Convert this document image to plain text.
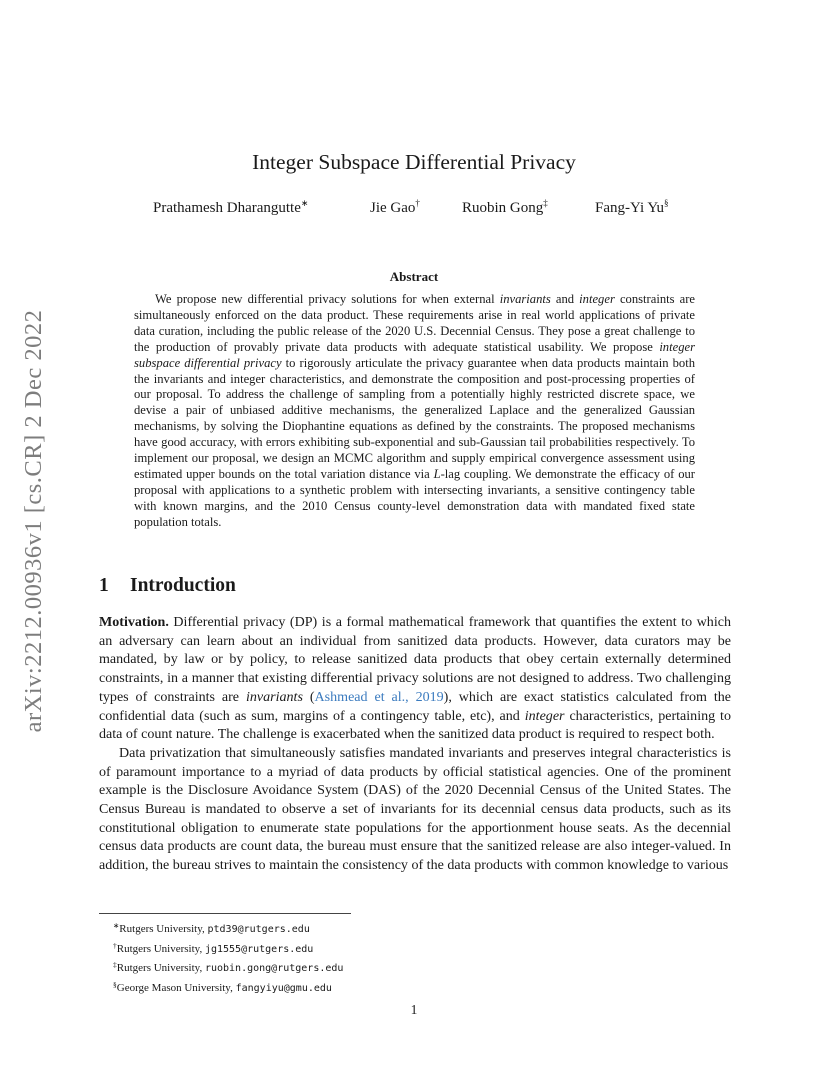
arXiv:2212.00936v1 [cs.CR] 2 Dec 2022
Integer Subspace Differential Privacy
Prathamesh Dharangutte∗	Jie Gao†	Ruobin Gong‡	Fang-Yi Yu§
Abstract

We propose new differential privacy solutions for when external invariants and integer constraints are simultaneously enforced on the data product. These requirements arise in real world applications of private data curation, including the public release of the 2020 U.S. Decennial Census. They pose a great challenge to the production of provably private data products with adequate statistical usability. We propose integer subspace differential privacy to rigorously articulate the privacy guarantee when data products maintain both the invariants and integer characteristics, and demonstrate the composition and post-processing properties of our proposal. To address the challenge of sampling from a potentially highly restricted discrete space, we devise a pair of unbiased additive mechanisms, the generalized Laplace and the generalized Gaussian mechanisms, by solving the Diophantine equations as defined by the constraints. The proposed mechanisms have good accuracy, with errors exhibiting sub-exponential and sub-Gaussian tail probabilities respectively. To implement our proposal, we design an MCMC algorithm and supply empirical convergence assessment using estimated upper bounds on the total variation distance via L-lag coupling. We demonstrate the efficacy of our proposal with applications to a synthetic problem with intersecting invariants, a sensitive contingency table with known margins, and the 2010 Census county-level demonstration data with mandated fixed state population totals.

1 Introduction

Motivation. Differential privacy (DP) is a formal mathematical framework that quantifies the extent to which an adversary can learn about an individual from sanitized data products. However, data curators may be mandated, by law or by policy, to release sanitized data products that obey certain externally determined constraints, in a manner that existing differential privacy solutions are not designed to address. Two challenging types of constraints are invariants (Ashmead et al., 2019), which are exact statistics calculated from the confidential data (such as sum, margins of a contingency table, etc), and integer characteristics, pertaining to data of count nature. The challenge is exacerbated when the sanitized data product is required to respect both.

Data privatization that simultaneously satisfies mandated invariants and preserves integral characteristics is of paramount importance to a myriad of data products by official statistical agencies. One of the prominent example is the Disclosure Avoidance System (DAS) of the 2020 Decennial Census of the United States. The Census Bureau is mandated to observe a set of invariants for its decennial census data products, such as its constitutional obligation to enumerate state populations for the apportionment house seats. As the decennial census data products are count data, the bureau must ensure that the sanitized release are also integer-valued. In addition, the bureau strives to maintain the consistency of the data products with common knowledge to various

∗Rutgers University, ptd39@rutgers.edu
†Rutgers University, jg1555@rutgers.edu
‡Rutgers University, ruobin.gong@rutgers.edu
§George Mason University, fangyiyu@gmu.edu
1
